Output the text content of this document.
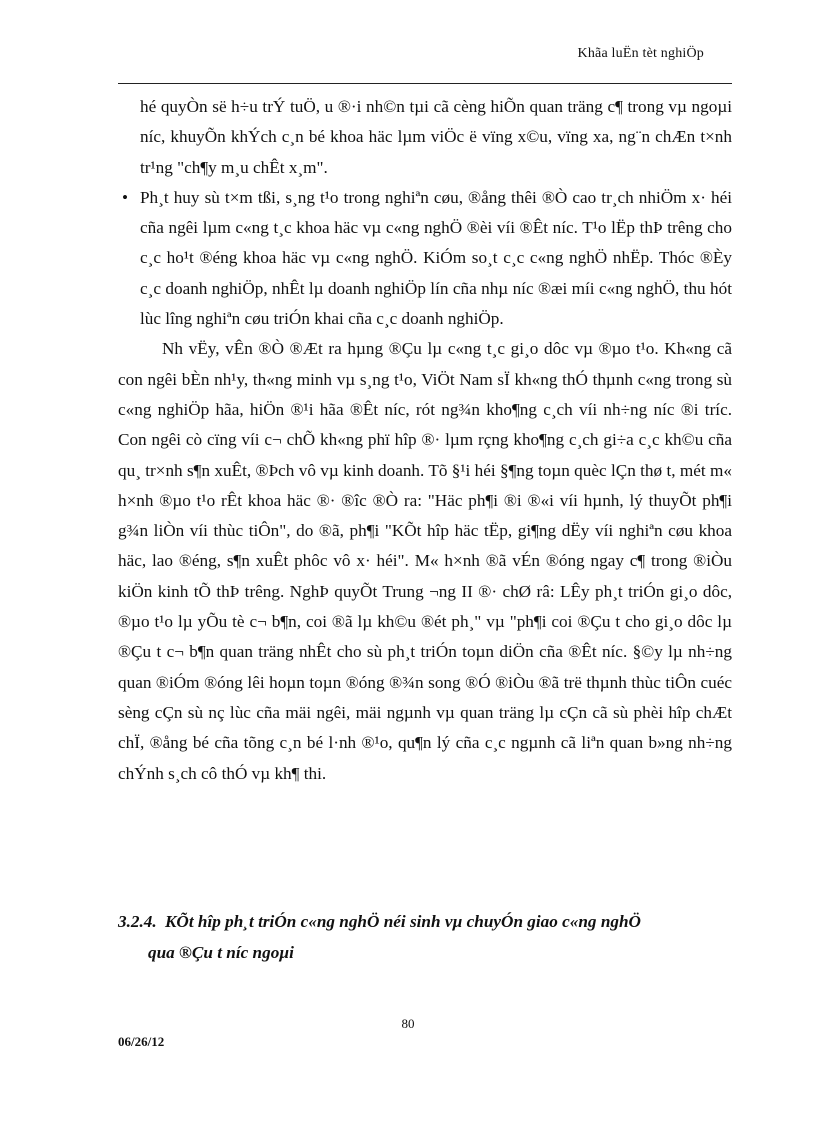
Khãa luËn tèt nghiÖp

hé quyÒn së h÷u trÝ tuÖ, u ®·i nh©n tµi cã cèng hiÕn quan träng c¶ trong vµ ngoµi níc, khuyÕn khÝch c¸n bé khoa häc lµm viÖc ë vïng x©u, vïng xa, ng¨n chÆn t×nh tr¹ng "ch¶y m¸u chÊt x¸m".

• Ph¸t huy sù t×m tßi, s¸ng t¹o trong nghiªn cøu, ®ång thêi ®Ò cao tr¸ch nhiÖm x· héi cña ngêi lµm c«ng t¸c khoa häc vµ c«ng nghÖ ®èi víi ®Êt níc. T¹o lËp thÞ trêng cho c¸c ho¹t ®éng khoa häc vµ c«ng nghÖ. KiÓm so¸t c¸c c«ng nghÖ nhËp. Thóc ®Èy c¸c doanh nghiÖp, nhÊt lµ doanh nghiÖp lín cña nhµ níc ®æi míi c«ng nghÖ, thu hót lùc lîng nghiªn cøu triÓn khai cña c¸c doanh nghiÖp.

Nh vËy, vÊn ®Ò ®Æt ra hµng ®Çu lµ c«ng t¸c gi¸o dôc vµ ®µo t¹o. Kh«ng cã con ngêi bÈn nh¹y, th«ng minh vµ s¸ng t¹o, ViÖt Nam sÏ kh«ng thÓ thµnh c«ng trong sù c«ng nghiÖp hãa, hiÖn ®¹i hãa ®Êt níc, rót ng¾n kho¶ng c¸ch víi nh÷ng níc ®i tríc. Con ngêi cò cïng víi c¬ chÕ kh«ng phï hîp ®· lµm rçng kho¶ng c¸ch gi÷a c¸c kh©u cña qu¸ tr×nh s¶n xuÊt, ®Þch vô vµ kinh doanh. Tõ §¹i héi §¶ng toµn quèc lÇn thø t, mét m« h×nh ®µo t¹o rÊt khoa häc ®· ®îc ®Ò ra: "Häc ph¶i ®i ®«i víi hµnh, lý thuyÕt ph¶i g¾n liÒn víi thùc tiÔn", do ®ã, ph¶i "KÕt hîp häc tËp, gi¶ng dËy víi nghiªn cøu khoa häc, lao ®éng, s¶n xuÊt phôc vô x· héi". M« h×nh ®ã vÉn ®óng ngay c¶ trong ®iÒu kiÖn kinh tÕ thÞ trêng. NghÞ quyÕt Trung ¬ng II ®· chØ râ: LÊy ph¸t triÓn gi¸o dôc, ®µo t¹o lµ yÕu tè c¬ b¶n, coi ®ã lµ kh©u ®ét ph¸" vµ "ph¶i coi ®Çu t cho gi¸o dôc lµ ®Çu t c¬ b¶n quan träng nhÊt cho sù ph¸t triÓn toµn diÖn cña ®Êt níc. §©y lµ nh÷ng quan ®iÓm ®óng lêi hoµn toµn ®óng ®¾n song ®Ó ®iÒu ®ã trë thµnh thùc tiÔn cuéc sèng cÇn sù nç lùc cña mäi ngêi, mäi ngµnh vµ quan träng lµ cÇn cã sù phèi hîp chÆt chÏ, ®ång bé cña tõng c¸n bé l·nh ®¹o, qu¶n lý cña c¸c ngµnh cã liªn quan b»ng nh÷ng chÝnh s¸ch cô thÓ vµ kh¶ thi.

3.2.4. KÕt hîp ph¸t triÓn c«ng nghÖ néi sinh vµ chuyÓn giao c«ng nghÖ
qua ®Çu t níc ngoµi
80
06/26/12
